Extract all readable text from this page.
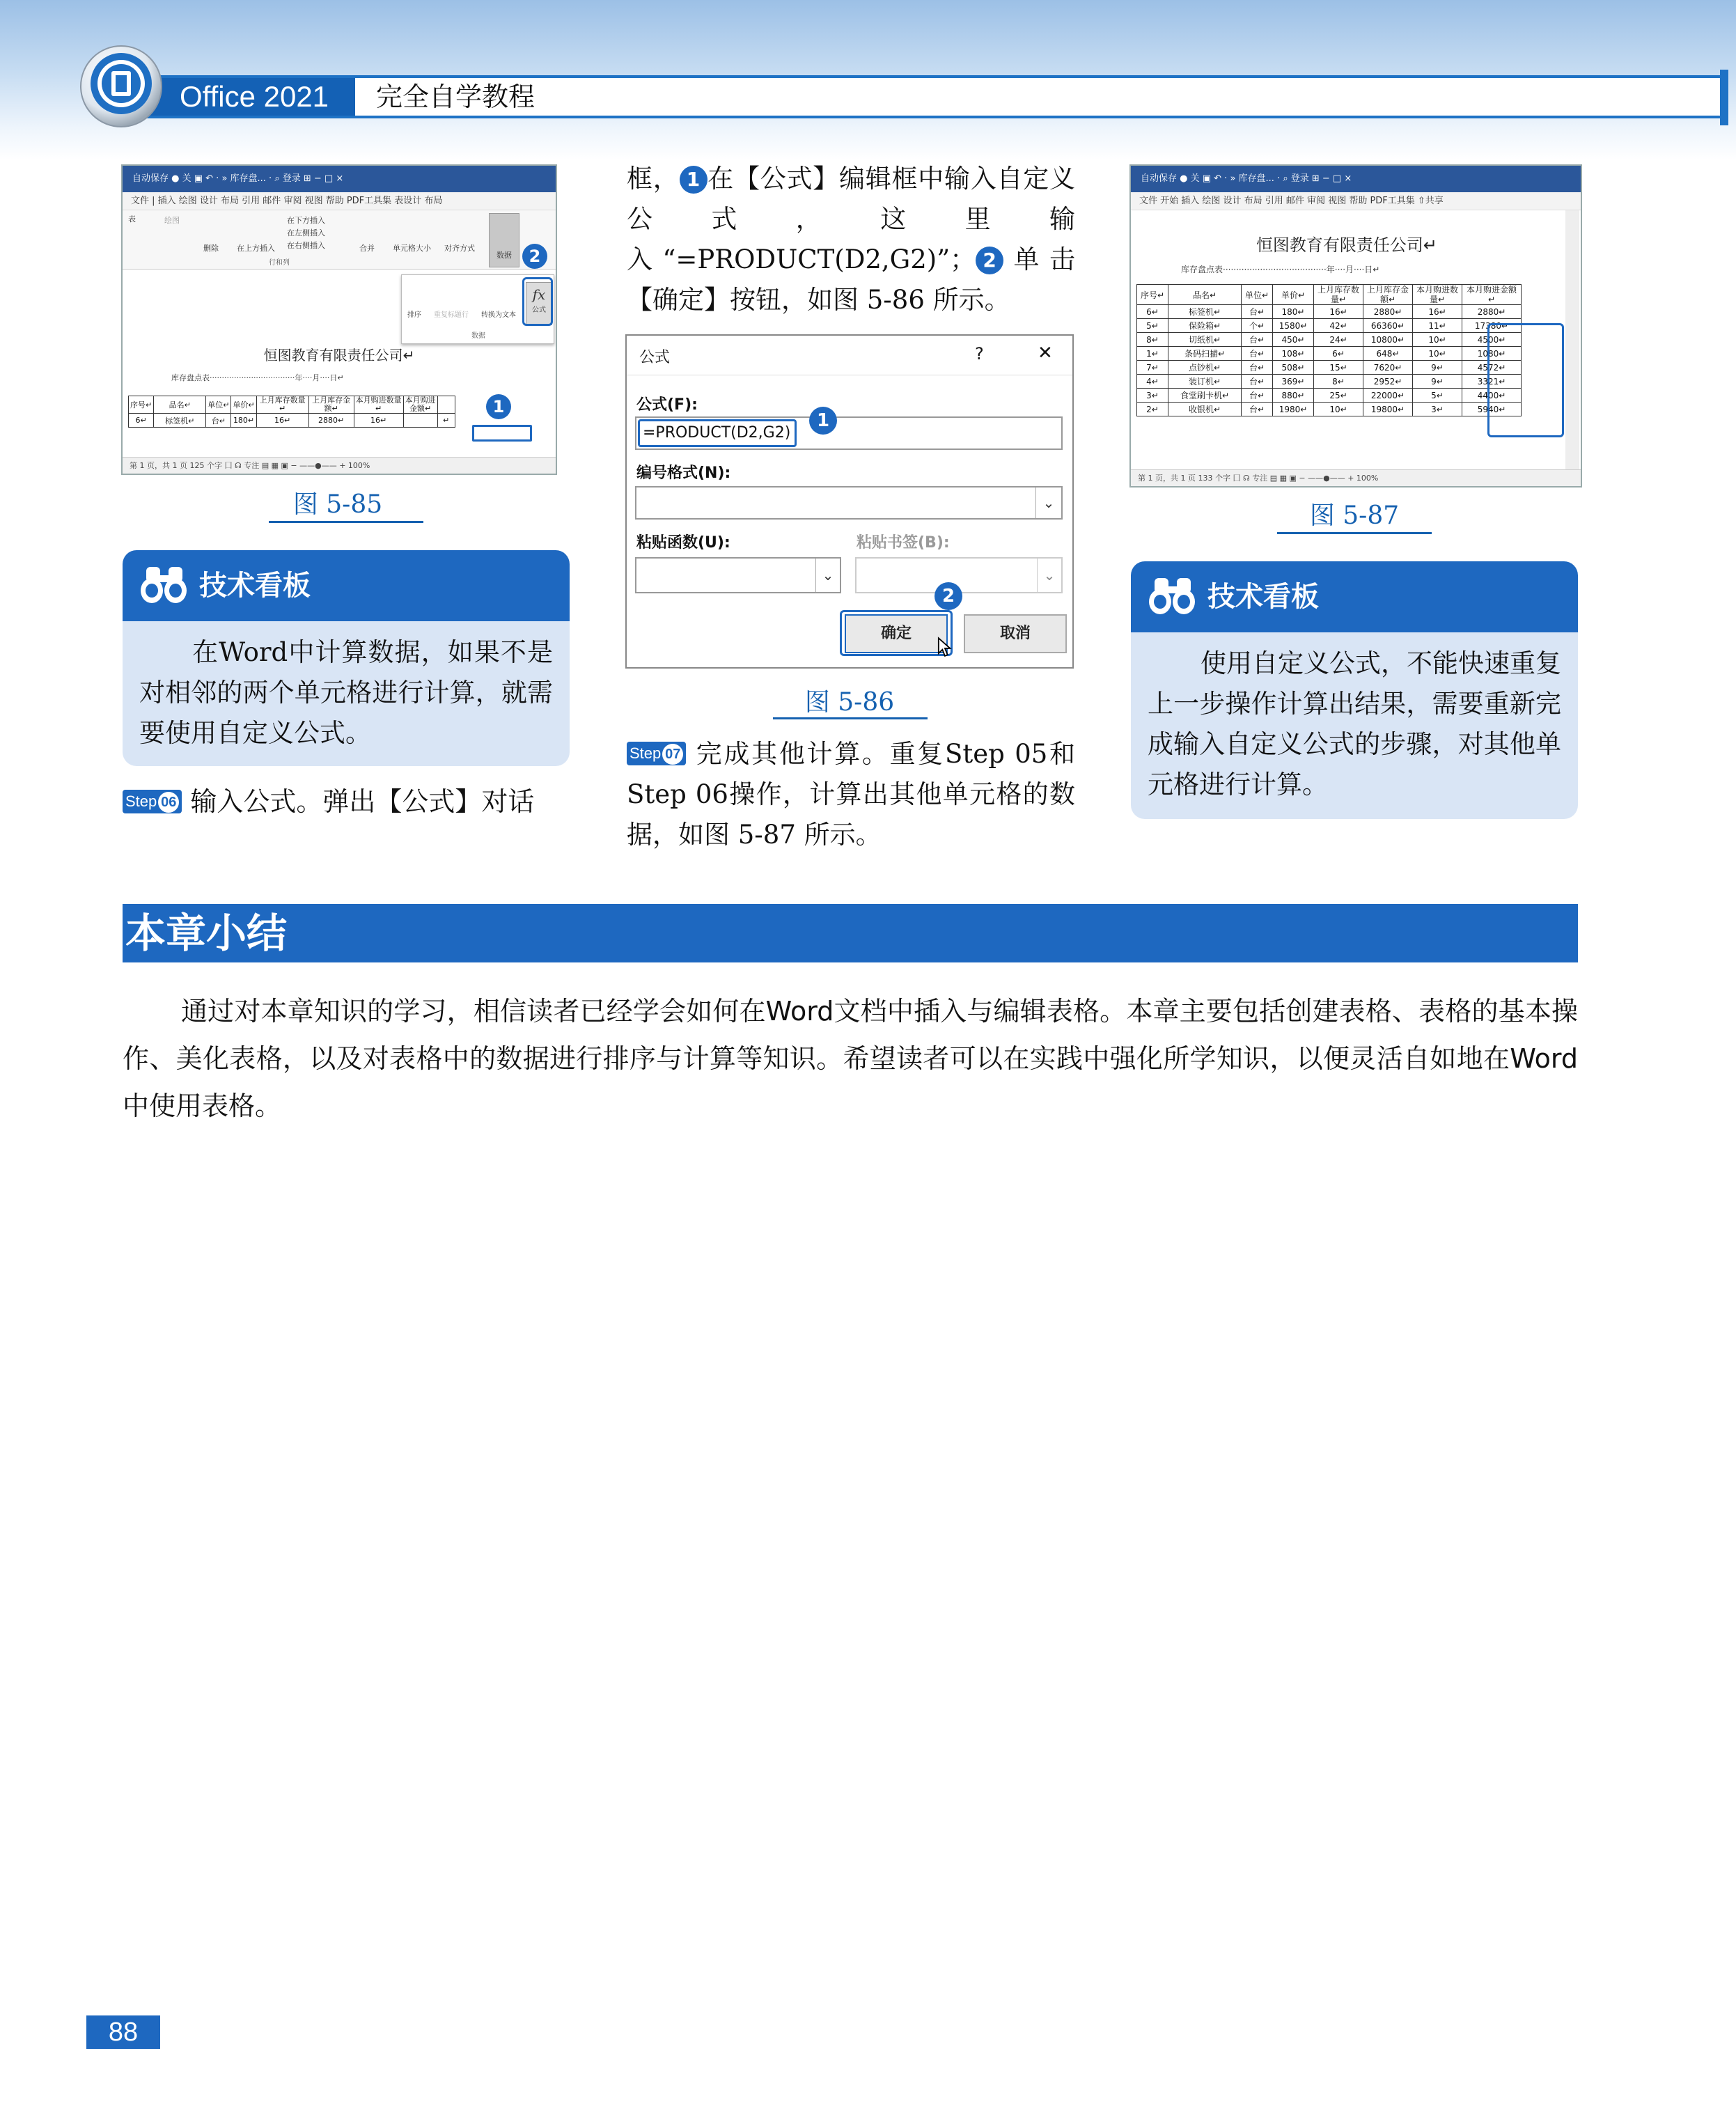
Office 2021	完全自学教程
自动保存 ● 关 ▣ ↶ · » 库存盘... · ⌕ 登录 ⊞ − □ ×
文件 | 插入 绘图 设计 布局 引用 邮件 审阅 视图 帮助 PDF工具集 表设计 布局
表	绘图
删除 在上方插入
在下方插入
在左侧插入
在右侧插入
行和列
合并 单元格大小 对齐方式
数据
排序 重复标题行 转换为文本
fx
公式
数据
2
恒图教育有限责任公司↵
库存盘点表···································年····月····日↵
序号↵	品名↵	单位↵	单价↵	上月库存数量↵	上月库存金额↵	本月购进数量↵	本月购进金额↵	
6↵	标签机↵	台↵	180↵	16↵	2880↵	16↵		↵
1
第 1 页，共 1 页 125 个字 囗 ☊ 专注 ▤ ▦ ▣ − ——●—— + 100%
图 5-85
技术看板
在Word中计算数据，如果不是对相邻的两个单元格进行计算，就需要使用自定义公式。
Step 06 输入公式。弹出【公式】对话
框， 1 在【公式】编辑框中输入自定义公式，这里输入“=PRODUCT(D2,G2)”； 2 单击【确定】按钮，如图 5-86 所示。
公式	?	✕
公式(F):
=PRODUCT(D2,G2)
1
编号格式(N):
⌄
粘贴函数(U):	粘贴书签(B):
⌄	⌄
2
确定	取消
图 5-86
Step 07 完成其他计算。重复Step 05和Step 06操作，计算出其他单元格的数据，如图 5-87 所示。
自动保存 ● 关 ▣ ↶ · » 库存盘... · ⌕ 登录 ⊞ − □ ×
文件 开始 插入 绘图 设计 布局 引用 邮件 审阅 视图 帮助 PDF工具集 ⇧共享
恒图教育有限责任公司↵
库存盘点表·······································年····月····日↵
序号↵	品名↵	单位↵	单价↵	上月库存数量↵	上月库存金额↵	本月购进数量↵	本月购进金额↵
6↵	标签机↵	台↵	180↵	16↵	2880↵	16↵	2880↵
5↵	保险箱↵	个↵	1580↵	42↵	66360↵	11↵	17380↵
8↵	切纸机↵	台↵	450↵	24↵	10800↵	10↵	4500↵
1↵	条码扫描↵	台↵	108↵	6↵	648↵	10↵	1080↵
7↵	点钞机↵	台↵	508↵	15↵	7620↵	9↵	4572↵
4↵	装订机↵	台↵	369↵	8↵	2952↵	9↵	3321↵
3↵	食堂刷卡机↵	台↵	880↵	25↵	22000↵	5↵	4400↵
2↵	收银机↵	台↵	1980↵	10↵	19800↵	3↵	5940↵
第 1 页，共 1 页 133 个字 囗 ☊ 专注 ▤ ▦ ▣ − ——●—— + 100%
图 5-87
技术看板
使用自定义公式，不能快速重复上一步操作计算出结果，需要重新完成输入自定义公式的步骤，对其他单元格进行计算。
本章小结
通过对本章知识的学习，相信读者已经学会如何在Word文档中插入与编辑表格。本章主要包括创建表格、表格的基本操作、美化表格，以及对表格中的数据进行排序与计算等知识。希望读者可以在实践中强化所学知识，以便灵活自如地在Word中使用表格。
88
